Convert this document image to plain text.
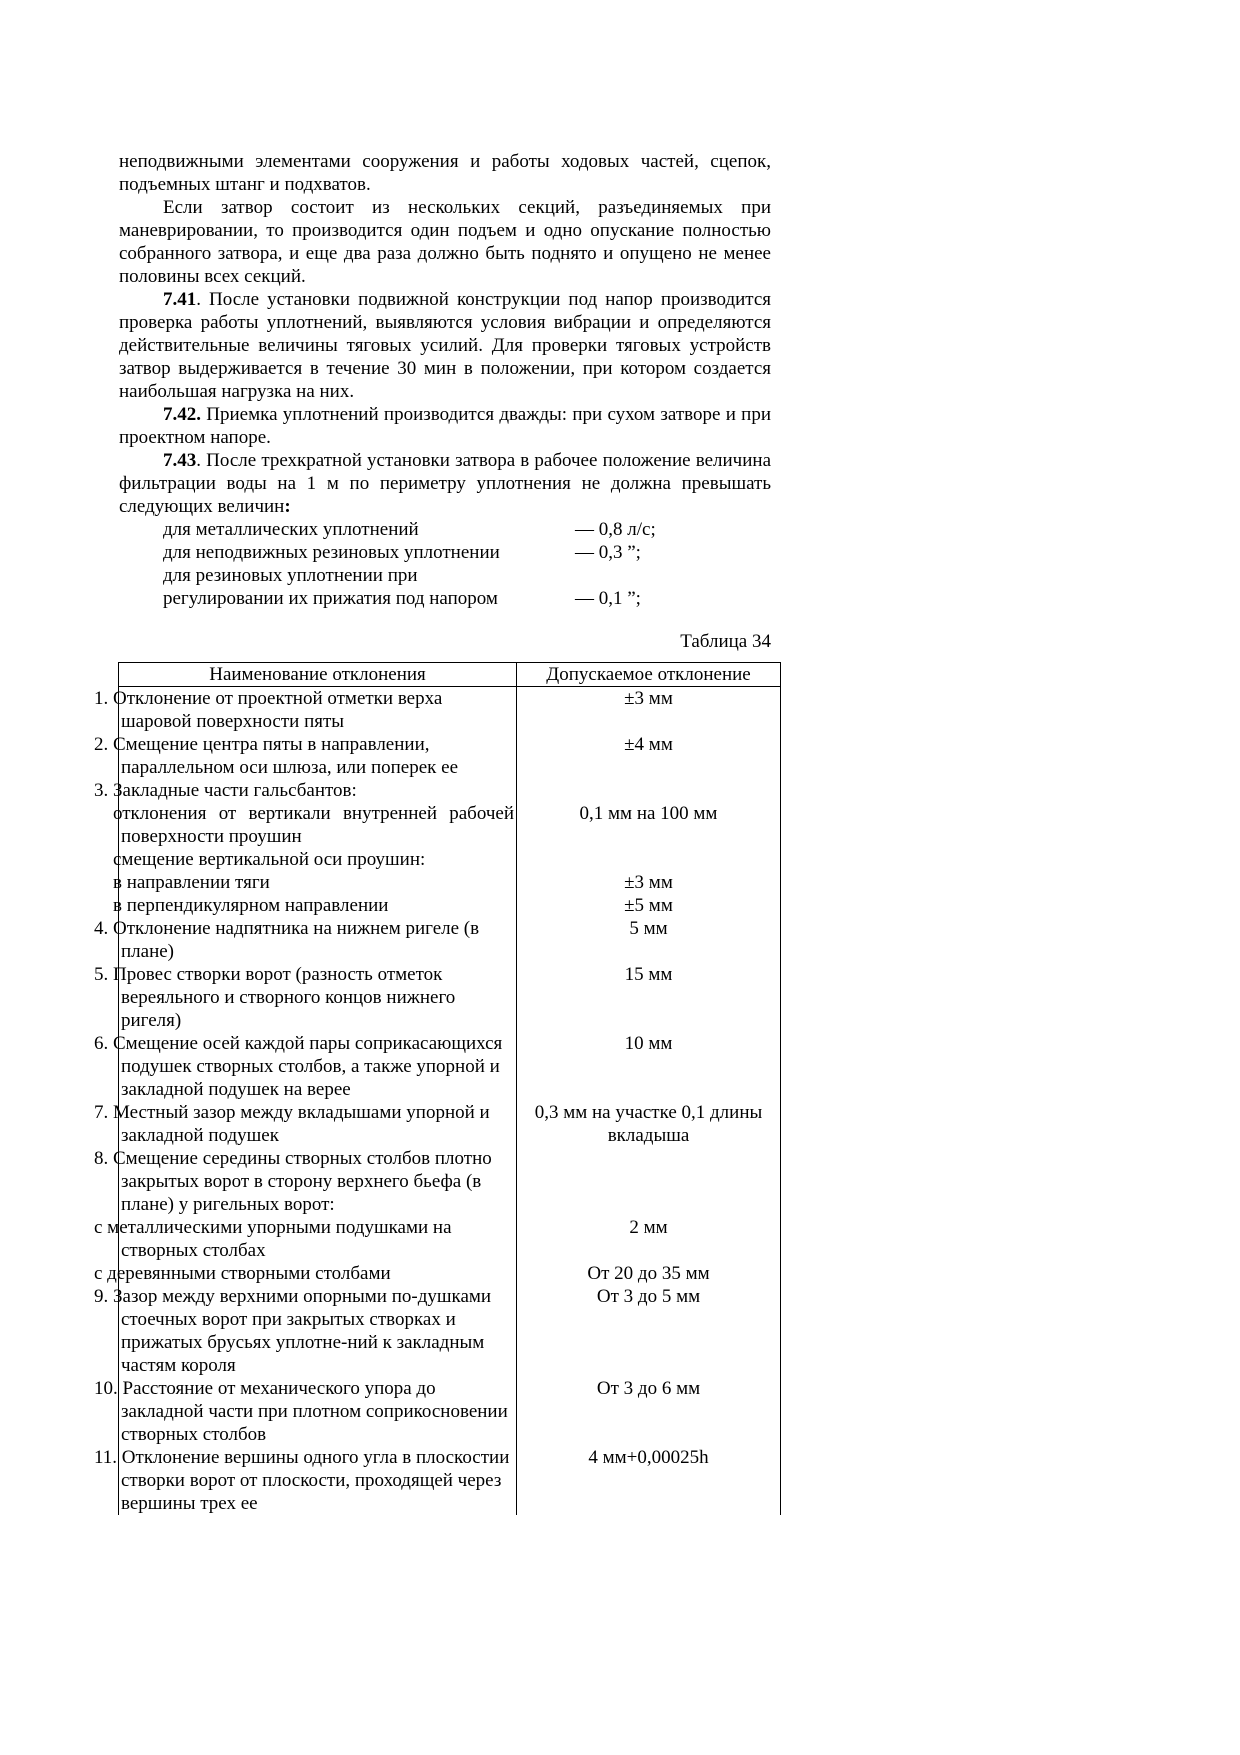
неподвижными элементами сооружения и работы ходовых частей, сцепок, подъемных штанг и подхватов.

Если затвор состоит из нескольких секций, разъединяемых при маневрировании, то производится один подъем и одно опускание полностью собранного затвора, и еще два раза должно быть поднято и опущено не менее половины всех секций.

7.41. После установки подвижной конструкции под напор производится проверка работы уплотнений, выявляются условия вибрации и определяются действительные величины тяговых усилий. Для проверки тяговых устройств затвор выдерживается в течение 30 мин в положении, при котором создается наибольшая нагрузка на них.

7.42. Приемка уплотнений производится дважды: при сухом затворе и при проектном напоре.

7.43. После трехкратной установки затвора в рабочее положение величина фильтрации воды на 1 м по периметру уплотнения не должна превышать следующих величин:

для металлических уплотнений	— 0,8 л/с;
для неподвижных резиновых уплотнении	— 0,3 ”;
для резиновых уплотнении при
регулировании их прижатия под напором	— 0,1 ”;
Таблица 34
Наименование отклонения	Допускаемое отклонение
1. Отклонение от проектной отметки верха шаровой поверхности пяты	±3 мм
2. Смещение центра пяты в направлении, параллельном оси шлюза, или поперек ее	±4 мм
3. Закладные части гальсбантов:	
отклонения от вертикали внутренней рабочей поверхности проушин	0,1 мм на 100 мм
смещение вертикальной оси проушин:	
в направлении тяги	±3 мм
в перпендикулярном направлении	±5 мм
4. Отклонение надпятника на нижнем ригеле (в плане)	5 мм
5. Провес створки ворот (разность отметок вереяльного и створного концов нижнего ригеля)	15 мм
6. Смещение осей каждой пары соприкасающихся подушек створных столбов, а также упорной и закладной подушек на верее	10 мм
7. Местный зазор между вкладышами упорной и закладной подушек	0,3 мм на участке 0,1 длины вкладыша
8. Смещение середины створных столбов плотно закрытых ворот в сторону верхнего бьефа (в плане) у ригельных ворот:	
с металлическими упорными подушками на створных столбах	2 мм
с деревянными створными столбами	От 20 до 35 мм
9. Зазор между верхними опорными по-душками стоечных ворот при закрытых створках и прижатых брусьях уплотне-ний к закладным частям короля	От 3 до 5 мм
10. Расстояние от механического упора до закладной части при плотном соприкосновении створных столбов	От 3 до 6 мм
11. Отклонение вершины одного угла в плоскостии створки ворот от плоскости, проходящей через вершины трех ее	4 мм+0,00025h
